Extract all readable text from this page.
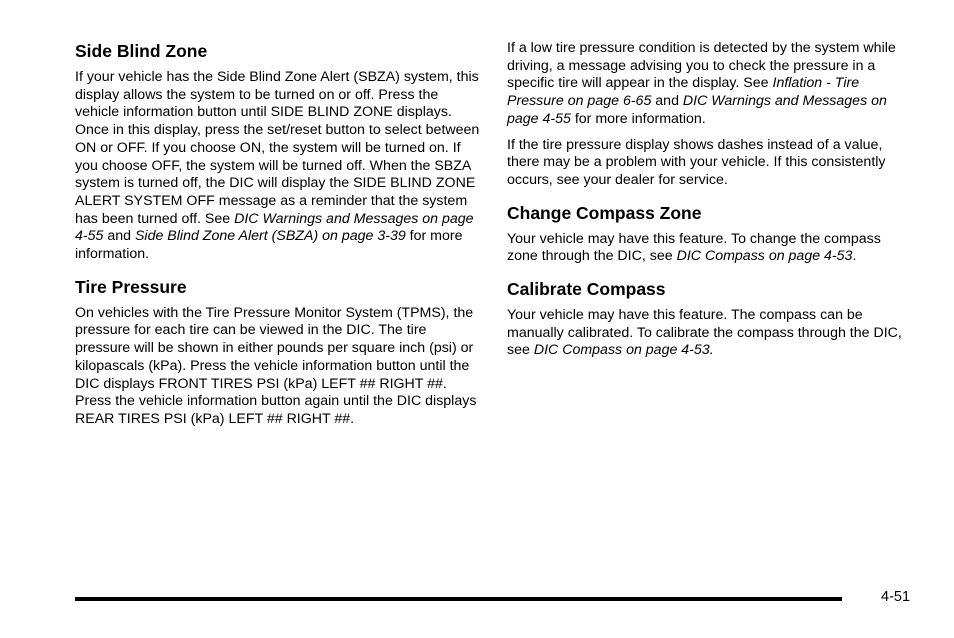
Side Blind Zone

If your vehicle has the Side Blind Zone Alert (SBZA) system, this display allows the system to be turned on or off. Press the vehicle information button until SIDE BLIND ZONE displays. Once in this display, press the set/reset button to select between ON or OFF. If you choose ON, the system will be turned on. If you choose OFF, the system will be turned off. When the SBZA system is turned off, the DIC will display the SIDE BLIND ZONE ALERT SYSTEM OFF message as a reminder that the system has been turned off. See DIC Warnings and Messages on page 4-55 and Side Blind Zone Alert (SBZA) on page 3-39 for more information.

Tire Pressure

On vehicles with the Tire Pressure Monitor System (TPMS), the pressure for each tire can be viewed in the DIC. The tire pressure will be shown in either pounds per square inch (psi) or kilopascals (kPa). Press the vehicle information button until the DIC displays FRONT TIRES PSI (kPa) LEFT ## RIGHT ##. Press the vehicle information button again until the DIC displays REAR TIRES PSI (kPa) LEFT ## RIGHT ##.

If a low tire pressure condition is detected by the system while driving, a message advising you to check the pressure in a specific tire will appear in the display. See Inflation - Tire Pressure on page 6-65 and DIC Warnings and Messages on page 4-55 for more information.

If the tire pressure display shows dashes instead of a value, there may be a problem with your vehicle. If this consistently occurs, see your dealer for service.

Change Compass Zone

Your vehicle may have this feature. To change the compass zone through the DIC, see DIC Compass on page 4-53.

Calibrate Compass

Your vehicle may have this feature. The compass can be manually calibrated. To calibrate the compass through the DIC, see DIC Compass on page 4-53.

4-51
